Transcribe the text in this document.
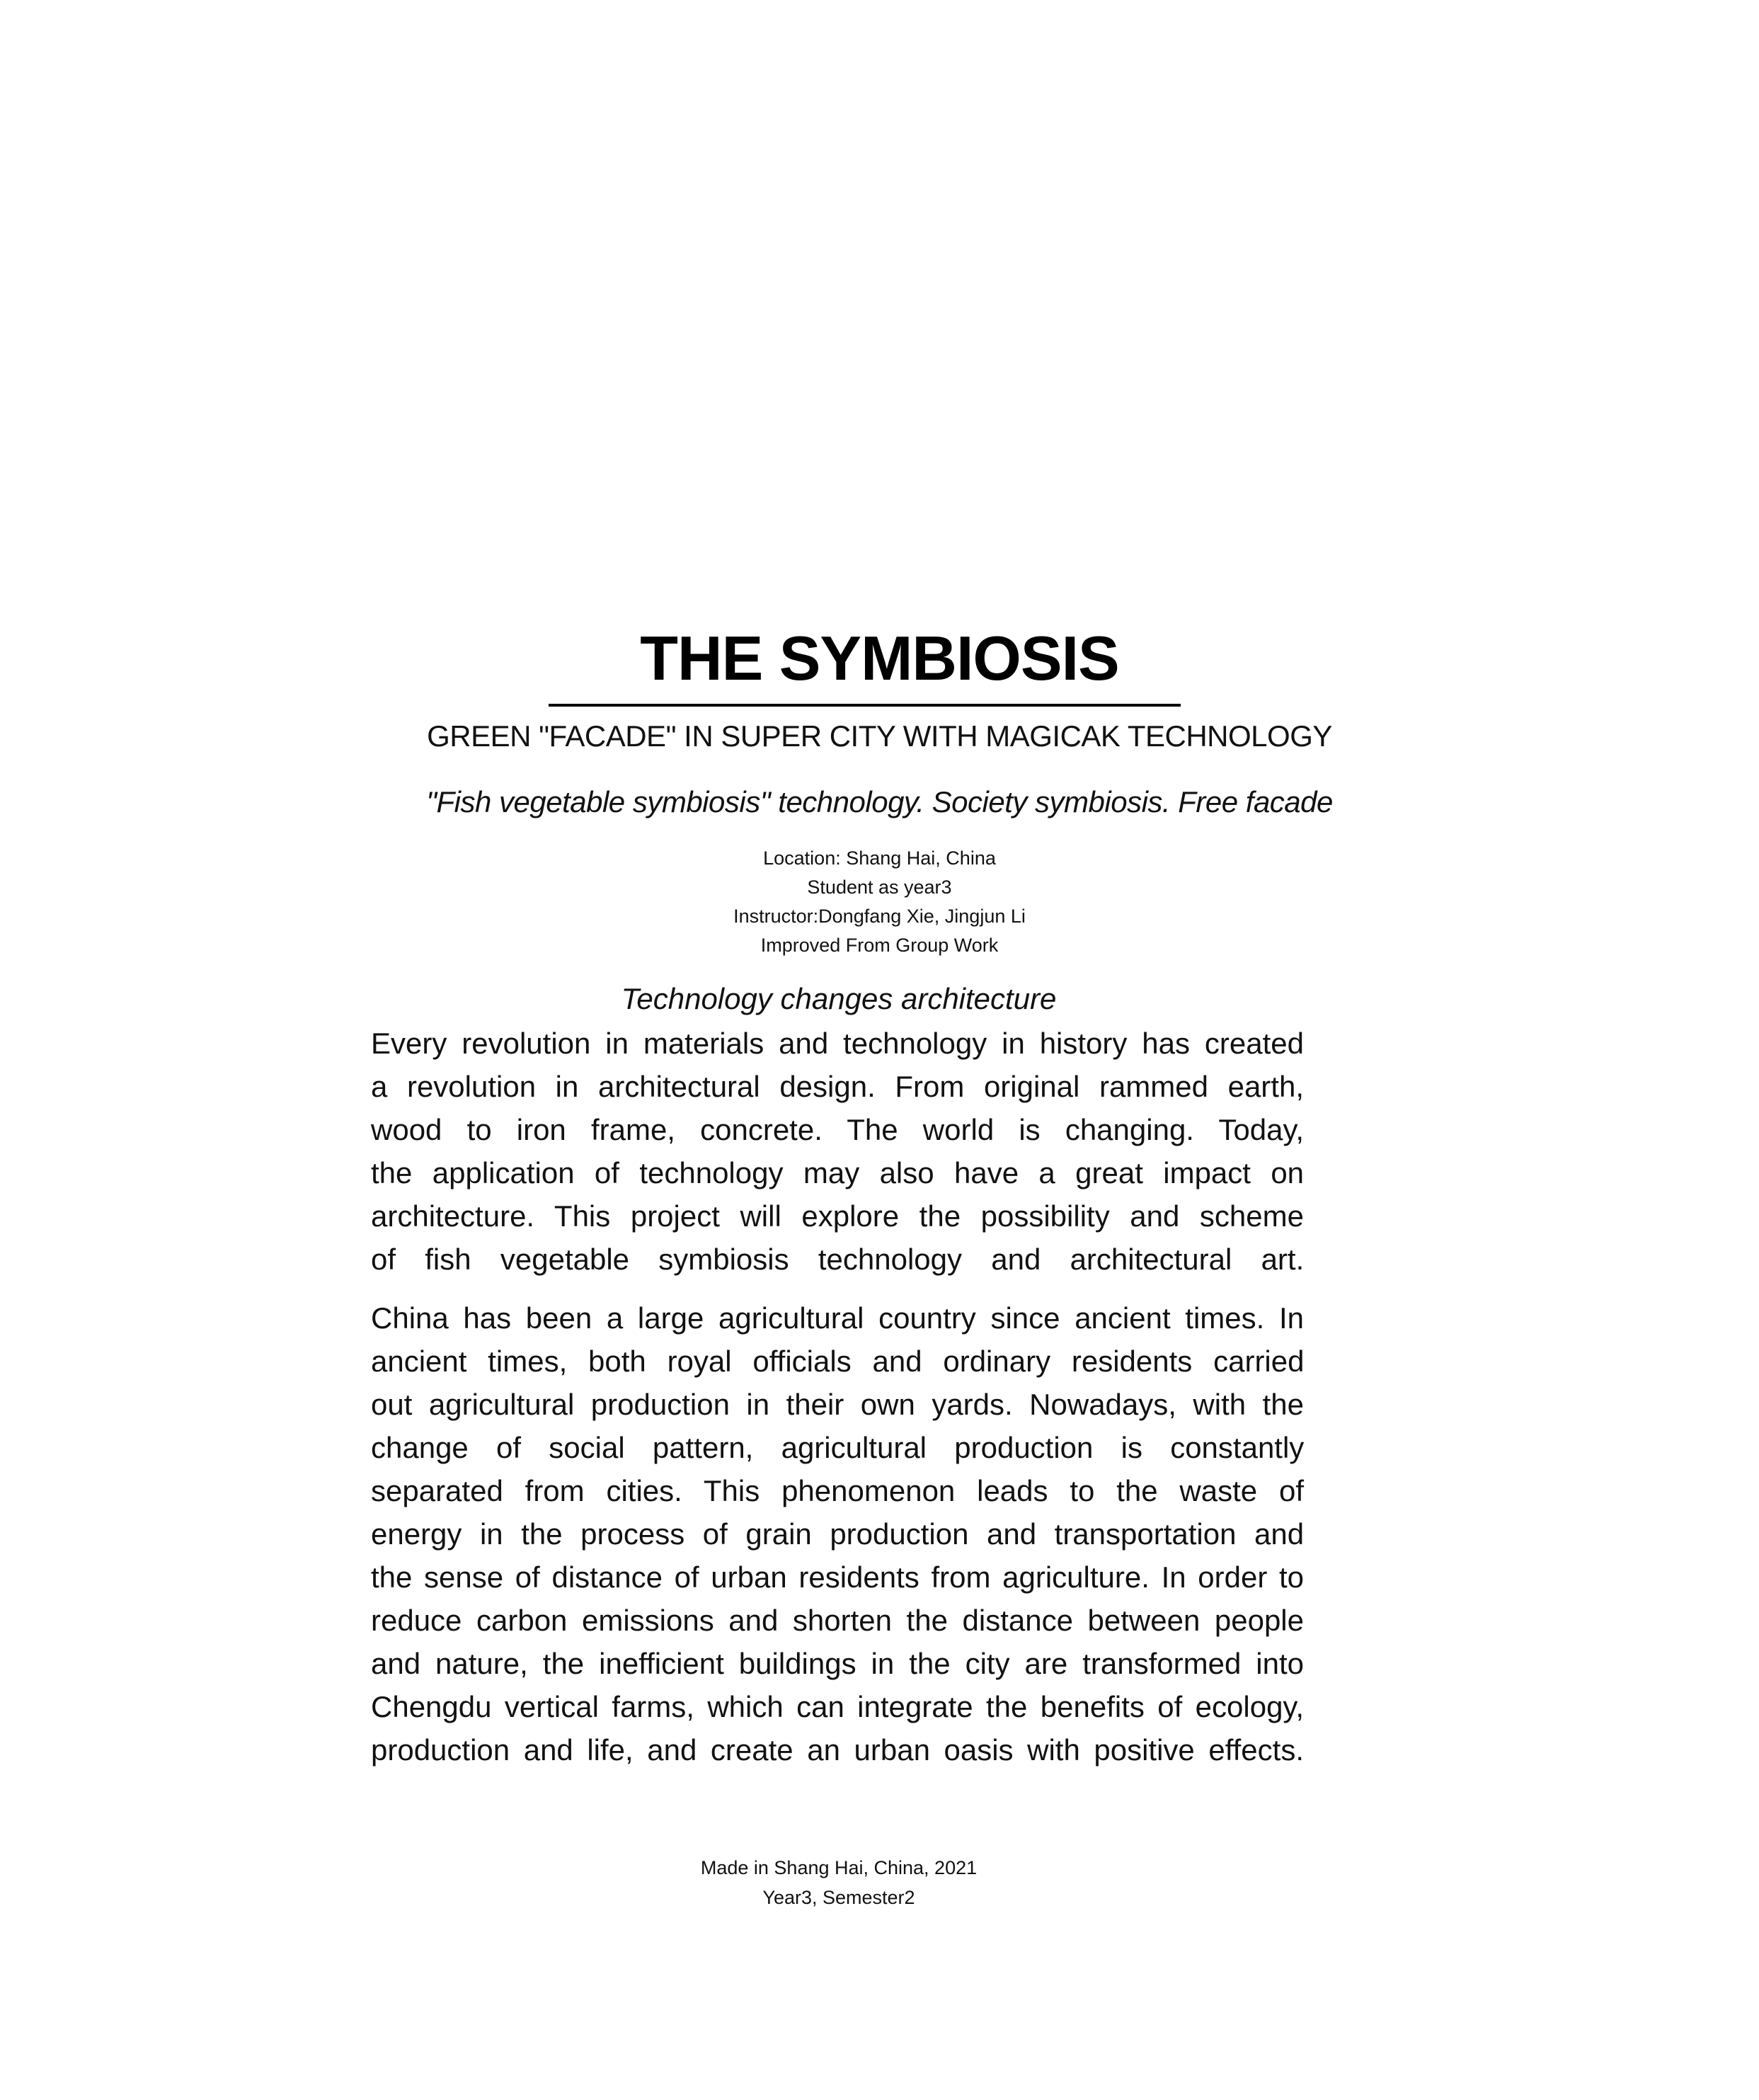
THE SYMBIOSIS
GREEN "FACADE" IN SUPER CITY WITH MAGICAK TECHNOLOGY
"Fish vegetable symbiosis" technology. Society symbiosis. Free facade
Location: Shang Hai, China
Student as year3
Instructor:Dongfang Xie, Jingjun Li
Improved From Group Work
Technology changes architecture
Every revolution in materials and technology in history has created
a revolution in architectural design. From original rammed earth,
wood to iron frame, concrete. The world is changing. Today,
the application of technology may also have a great impact on
architecture. This project will explore the possibility and scheme
of fish vegetable symbiosis technology and architectural art.
China has been a large agricultural country since ancient times. In
ancient times, both royal officials and ordinary residents carried
out agricultural production in their own yards. Nowadays, with the
change of social pattern, agricultural production is constantly
separated from cities. This phenomenon leads to the waste of
energy in the process of grain production and transportation and
the sense of distance of urban residents from agriculture. In order to
reduce carbon emissions and shorten the distance between people
and nature, the inefficient buildings in the city are transformed into
Chengdu vertical farms, which can integrate the benefits of ecology,
production and life, and create an urban oasis with positive effects.
Made in Shang Hai, China, 2021
Year3, Semester2
